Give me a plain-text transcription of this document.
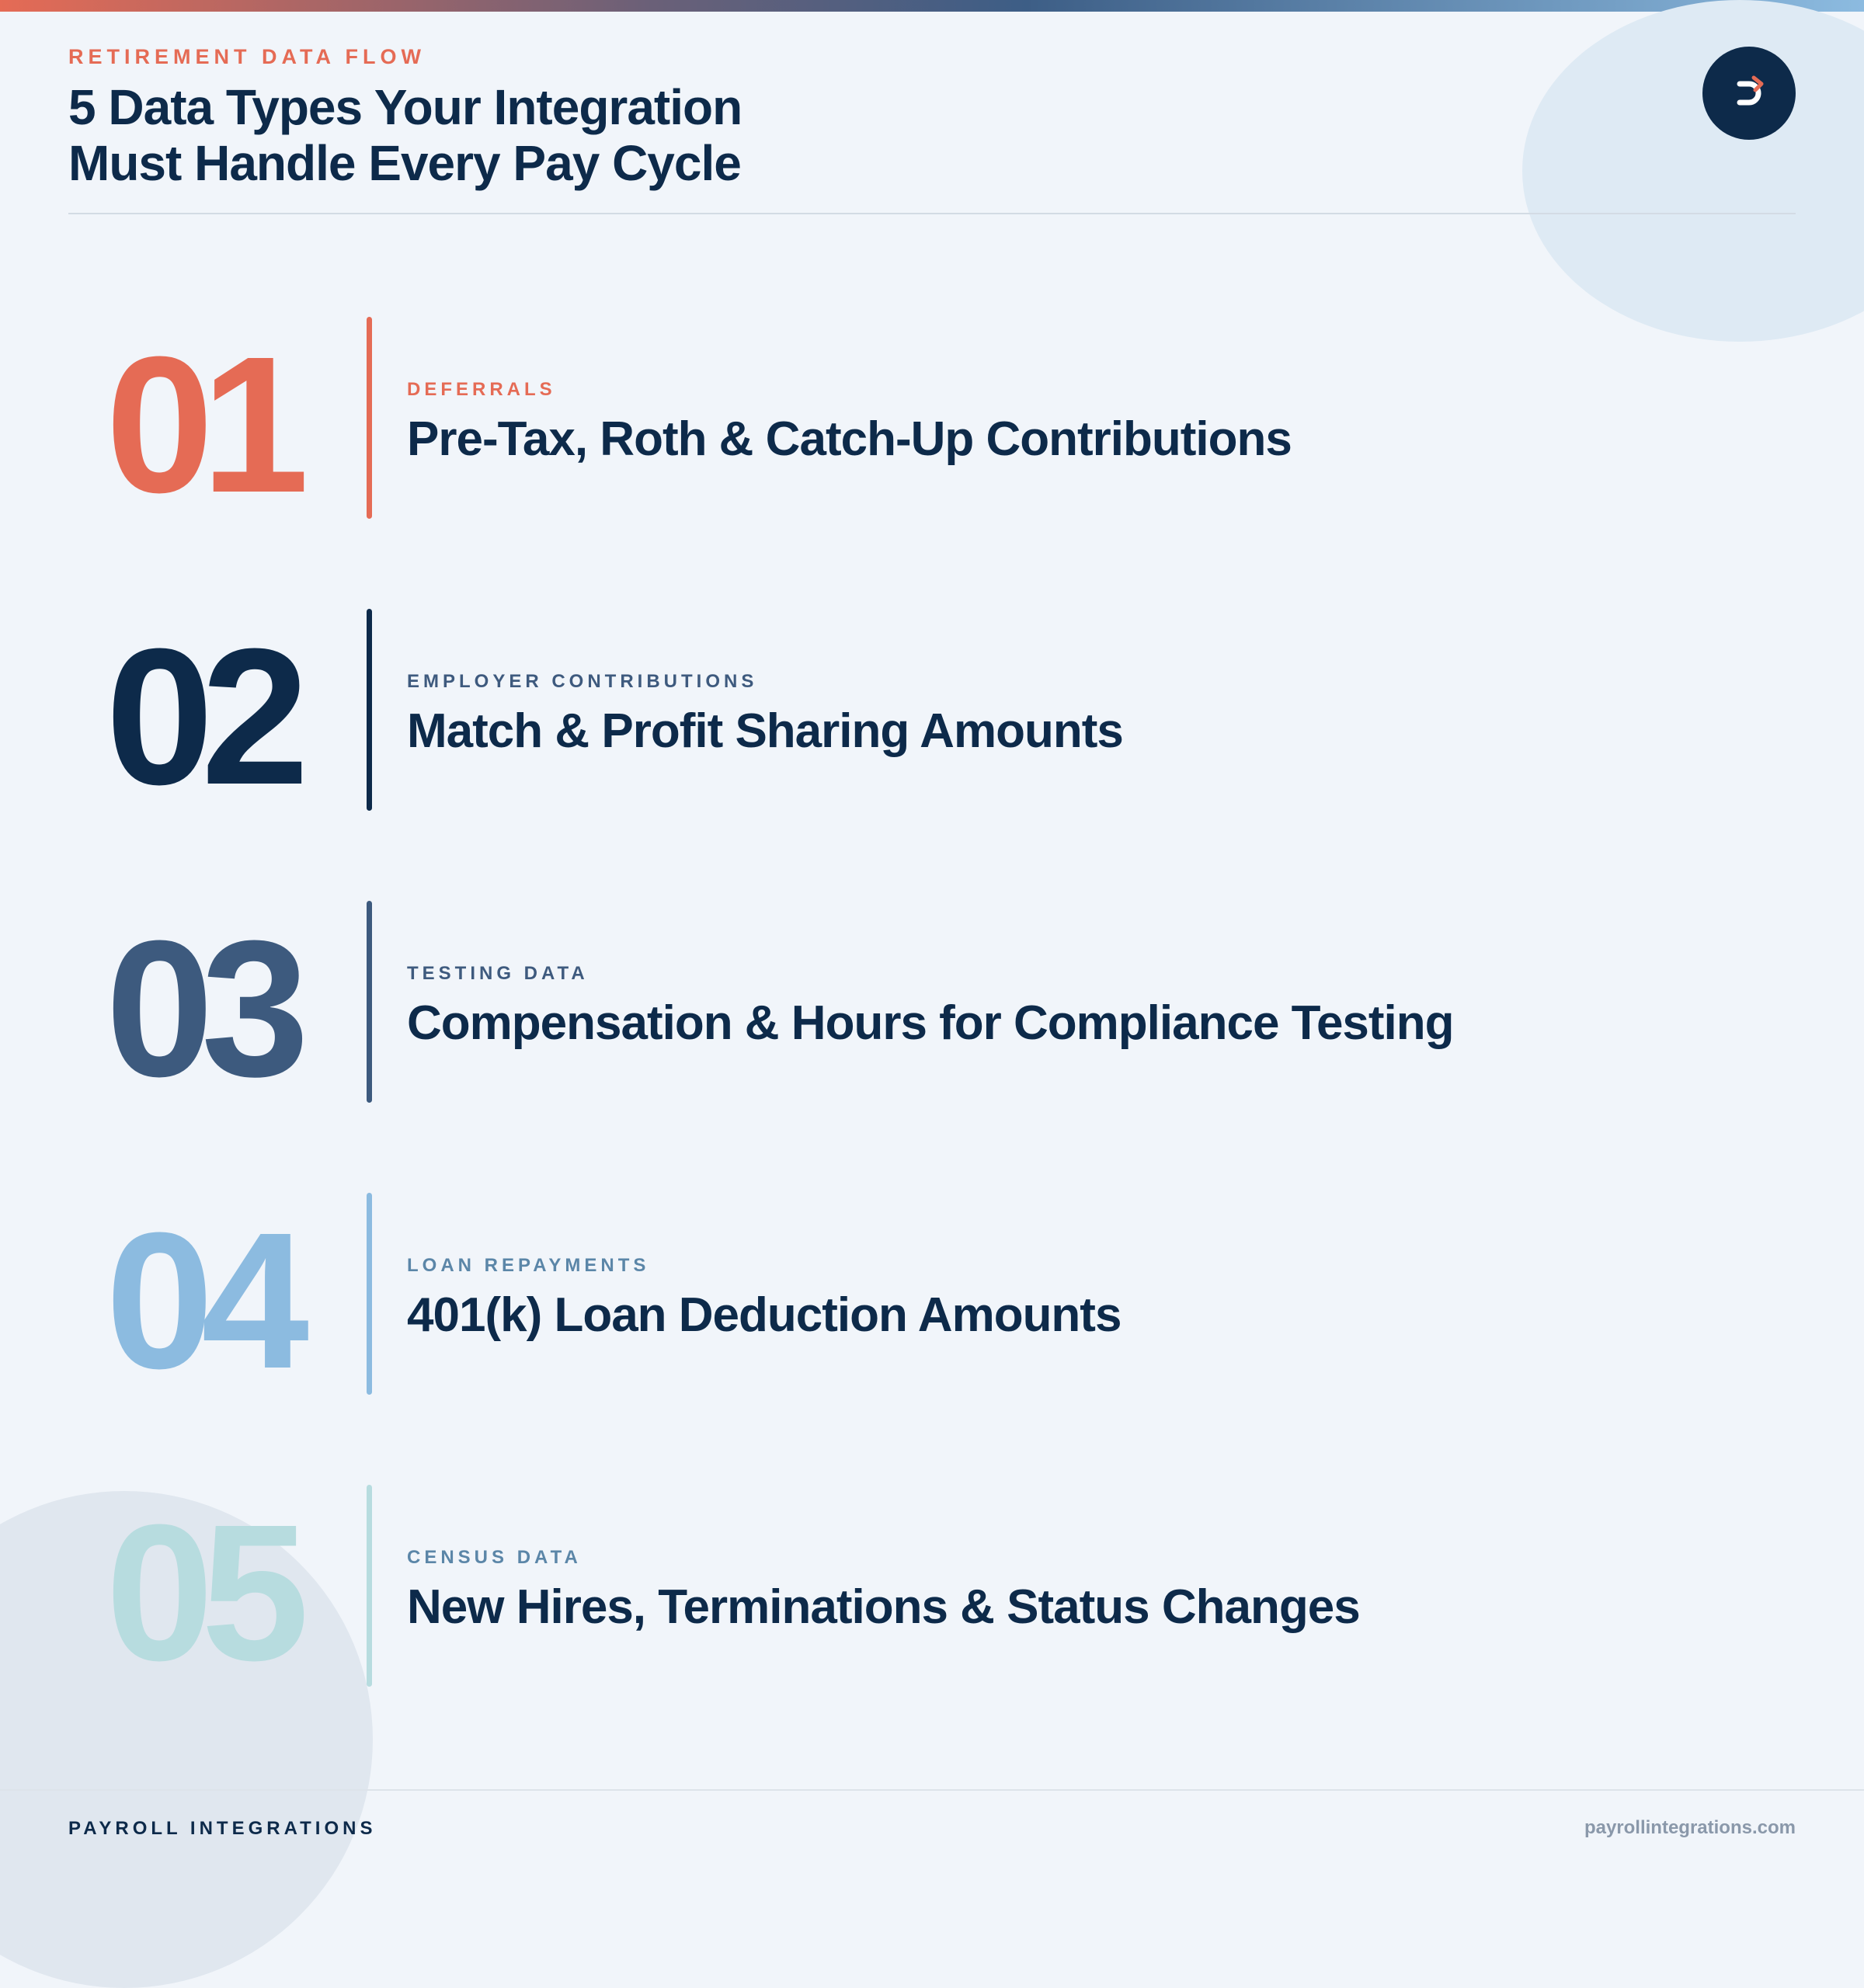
RETIREMENT DATA FLOW
5 Data Types Your Integration
Must Handle Every Pay Cycle
01	DEFERRALS
Pre-Tax, Roth & Catch-Up Contributions
02	EMPLOYER CONTRIBUTIONS
Match & Profit Sharing Amounts
03	TESTING DATA
Compensation & Hours for Compliance Testing
04	LOAN REPAYMENTS
401(k) Loan Deduction Amounts
05	CENSUS DATA
New Hires, Terminations & Status Changes
PAYROLL INTEGRATIONS	payrollintegrations.com
